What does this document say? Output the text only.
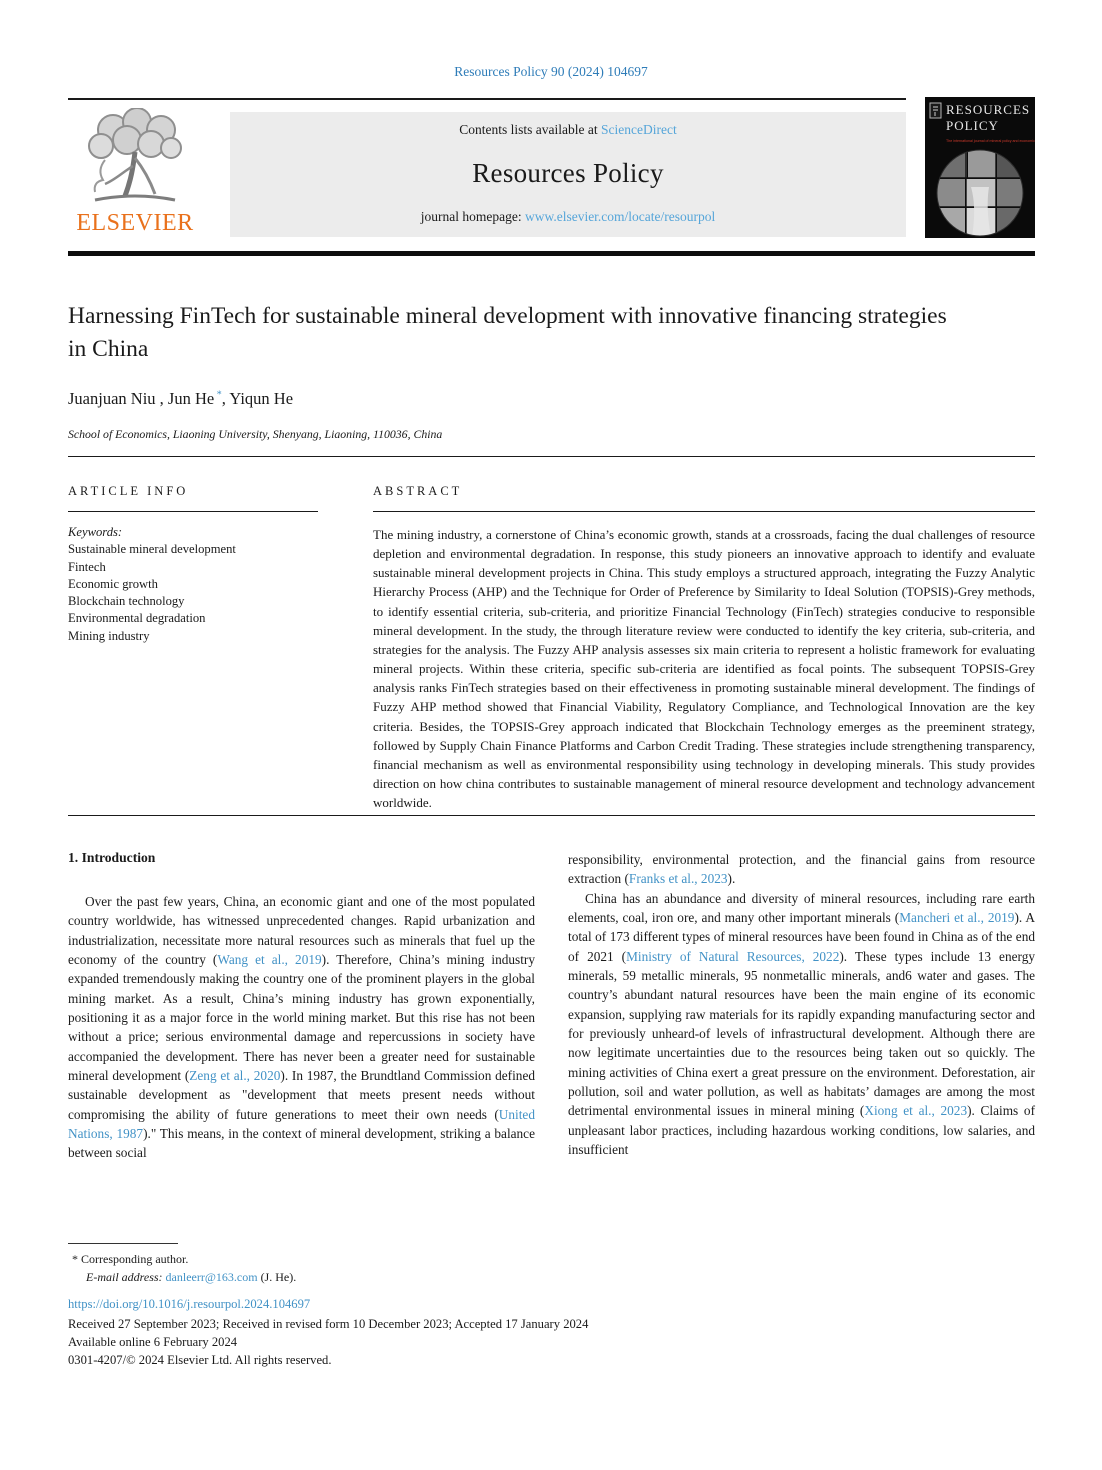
Resources Policy 90 (2024) 104697
ELSEVIER
Contents lists available at ScienceDirect
Resources Policy
journal homepage: www.elsevier.com/locate/resourpol
RESOURCES
POLICY
The international journal of mineral policy and economics
Harnessing FinTech for sustainable mineral development with innovative financing strategies in China
Juanjuan Niu , Jun He *, Yiqun He
School of Economics, Liaoning University, Shenyang, Liaoning, 110036, China
ARTICLE INFO	ABSTRACT
Keywords:
Sustainable mineral development
Fintech
Economic growth
Blockchain technology
Environmental degradation
Mining industry
The mining industry, a cornerstone of China’s economic growth, stands at a crossroads, facing the dual challenges of resource depletion and environmental degradation. In response, this study pioneers an innovative approach to identify and evaluate sustainable mineral development projects in China. This study employs a structured approach, integrating the Fuzzy Analytic Hierarchy Process (AHP) and the Technique for Order of Preference by Similarity to Ideal Solution (TOPSIS)-Grey methods, to identify essential criteria, sub-criteria, and prioritize Financial Technology (FinTech) strategies conducive to responsible mineral development. In the study, the through literature review were conducted to identify the key criteria, sub-criteria, and strategies for the analysis. The Fuzzy AHP analysis assesses six main criteria to represent a holistic framework for evaluating mineral projects. Within these criteria, specific sub-criteria are identified as focal points. The subsequent TOPSIS-Grey analysis ranks FinTech strategies based on their effectiveness in promoting sustainable mineral development. The findings of Fuzzy AHP method showed that Financial Viability, Regulatory Compliance, and Technological Innovation are the key criteria. Besides, the TOPSIS-Grey approach indicated that Blockchain Technology emerges as the preeminent strategy, followed by Supply Chain Finance Platforms and Carbon Credit Trading. These strategies include strengthening transparency, financial mechanism as well as environmental responsibility using technology in developing minerals. This study provides direction on how china contributes to sustainable management of mineral resource development and technology advancement worldwide.
1. Introduction

Over the past few years, China, an economic giant and one of the most populated country worldwide, has witnessed unprecedented changes. Rapid urbanization and industrialization, necessitate more natural resources such as minerals that fuel up the economy of the country (Wang et al., 2019). Therefore, China’s mining industry expanded tremendously making the country one of the prominent players in the global mining market. As a result, China’s mining industry has grown exponentially, positioning it as a major force in the world mining market. But this rise has not been without a price; serious environmental damage and repercussions in society have accompanied the development. There has never been a greater need for sustainable mineral development (Zeng et al., 2020). In 1987, the Brundtland Commission defined sustainable development as "development that meets present needs without compromising the ability of future generations to meet their own needs (United Nations, 1987)." This means, in the context of mineral development, striking a balance between social

responsibility, environmental protection, and the financial gains from resource extraction (Franks et al., 2023).

China has an abundance and diversity of mineral resources, including rare earth elements, coal, iron ore, and many other important minerals (Mancheri et al., 2019). A total of 173 different types of mineral resources have been found in China as of the end of 2021 (Ministry of Natural Resources, 2022). These types include 13 energy minerals, 59 metallic minerals, 95 nonmetallic minerals, and6 water and gases. The country’s abundant natural resources have been the main engine of its economic expansion, supplying raw materials for its rapidly expanding manufacturing sector and for previously unheard-of levels of infrastructural development. Although there are now legitimate uncertainties due to the resources being taken out so quickly. The mining activities of China exert a great pressure on the environment. Deforestation, air pollution, soil and water pollution, as well as habitats’ damages are among the most detrimental environmental issues in mineral mining (Xiong et al., 2023). Claims of unpleasant labor practices, including hazardous working conditions, low salaries, and insufficient

* Corresponding author.
E-mail address: danleerr@163.com (J. He).
https://doi.org/10.1016/j.resourpol.2024.104697
Received 27 September 2023; Received in revised form 10 December 2023; Accepted 17 January 2024
Available online 6 February 2024
0301-4207/© 2024 Elsevier Ltd. All rights reserved.
